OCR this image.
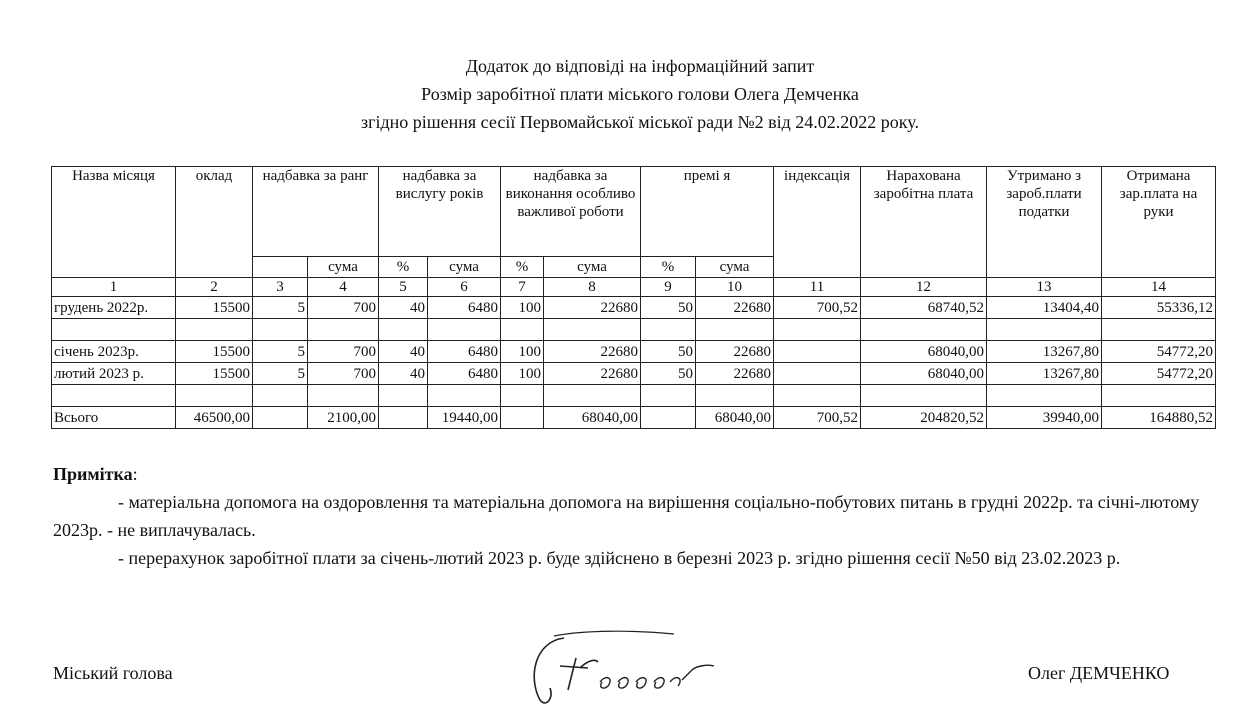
Додаток до відповіді на інформаційний запит
Розмір заробітної плати міського голови Олега Демченка
згідно рішення сесії Первомайської міської ради №2 від 24.02.2022 року.
Назва місяця	оклад	надбавка за ранг		надбавка за вислугу років		надбавка за виконання особливо важливої роботи		премі я		індексація	Нарахована заробітна плата	Утримано з зароб.плати податки	Отримана зар.плата на руки
			сума	%	сума	%	сума	%	сума				
1	2	3	4	5	6	7	8	9	10	11	12	13	14
грудень 2022р.	15500	5	700	40	6480	100	22680	50	22680	700,52	68740,52	13404,40	55336,12

січень 2023р.	15500	5	700	40	6480	100	22680	50	22680		68040,00	13267,80	54772,20
лютий 2023 р.	15500	5	700	40	6480	100	22680	50	22680		68040,00	13267,80	54772,20

Всього	46500,00		2100,00		19440,00		68040,00		68040,00	700,52	204820,52	39940,00	164880,52

Примітка:

- матеріальна допомога на оздоровлення та матеріальна допомога на вирішення соціально-побутових питань в грудні 2022р. та січні-лютому 2023р. - не виплачувалась.

- перерахунок заробітної плати за січень-лютий 2023 р. буде здійснено в березні 2023 р. згідно рішення сесії №50 від 23.02.2023 р.

Міський голова	Олег ДЕМЧЕНКО
